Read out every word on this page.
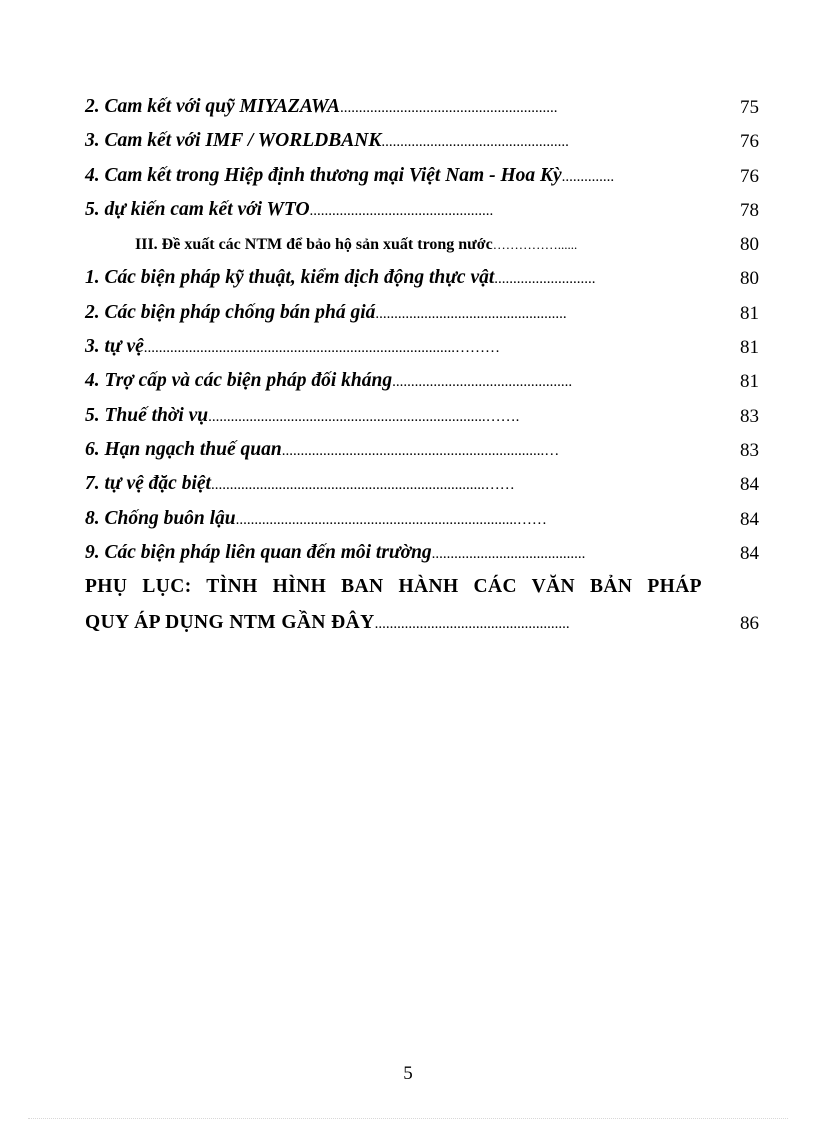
2. Cam kết với quỹ MIYAZAWA..........................................................	75
3. Cam kết với IMF / WORLDBANK..................................................	76
4. Cam kết trong Hiệp định thương mại Việt Nam - Hoa Kỳ..............	76
5. dự kiến cam kết với WTO.................................................	78
III. Đề xuất các NTM để bảo hộ sản xuất trong nước……………......	80
1. Các biện pháp kỹ thuật, kiểm dịch động thực vật...........................	80
2. Các biện pháp chống bán phá giá...................................................	81
3. tự vệ...................................................................................………	81
4. Trợ cấp và các biện pháp đối kháng................................................	81
5. Thuế thời vụ..........................................................................…….	83
6. Hạn ngạch thuế quan......................................................................…	83
7. tự vệ đặc biệt.........................................................................……	84
8. Chống buôn lậu...........................................................................……	84
9. Các biện pháp liên quan đến môi trường.........................................	84
PHỤ LỤC: TÌNH HÌNH BAN HÀNH CÁC VĂN BẢN PHÁP
QUY ÁP DỤNG NTM GẦN ĐÂY....................................................	86
5
